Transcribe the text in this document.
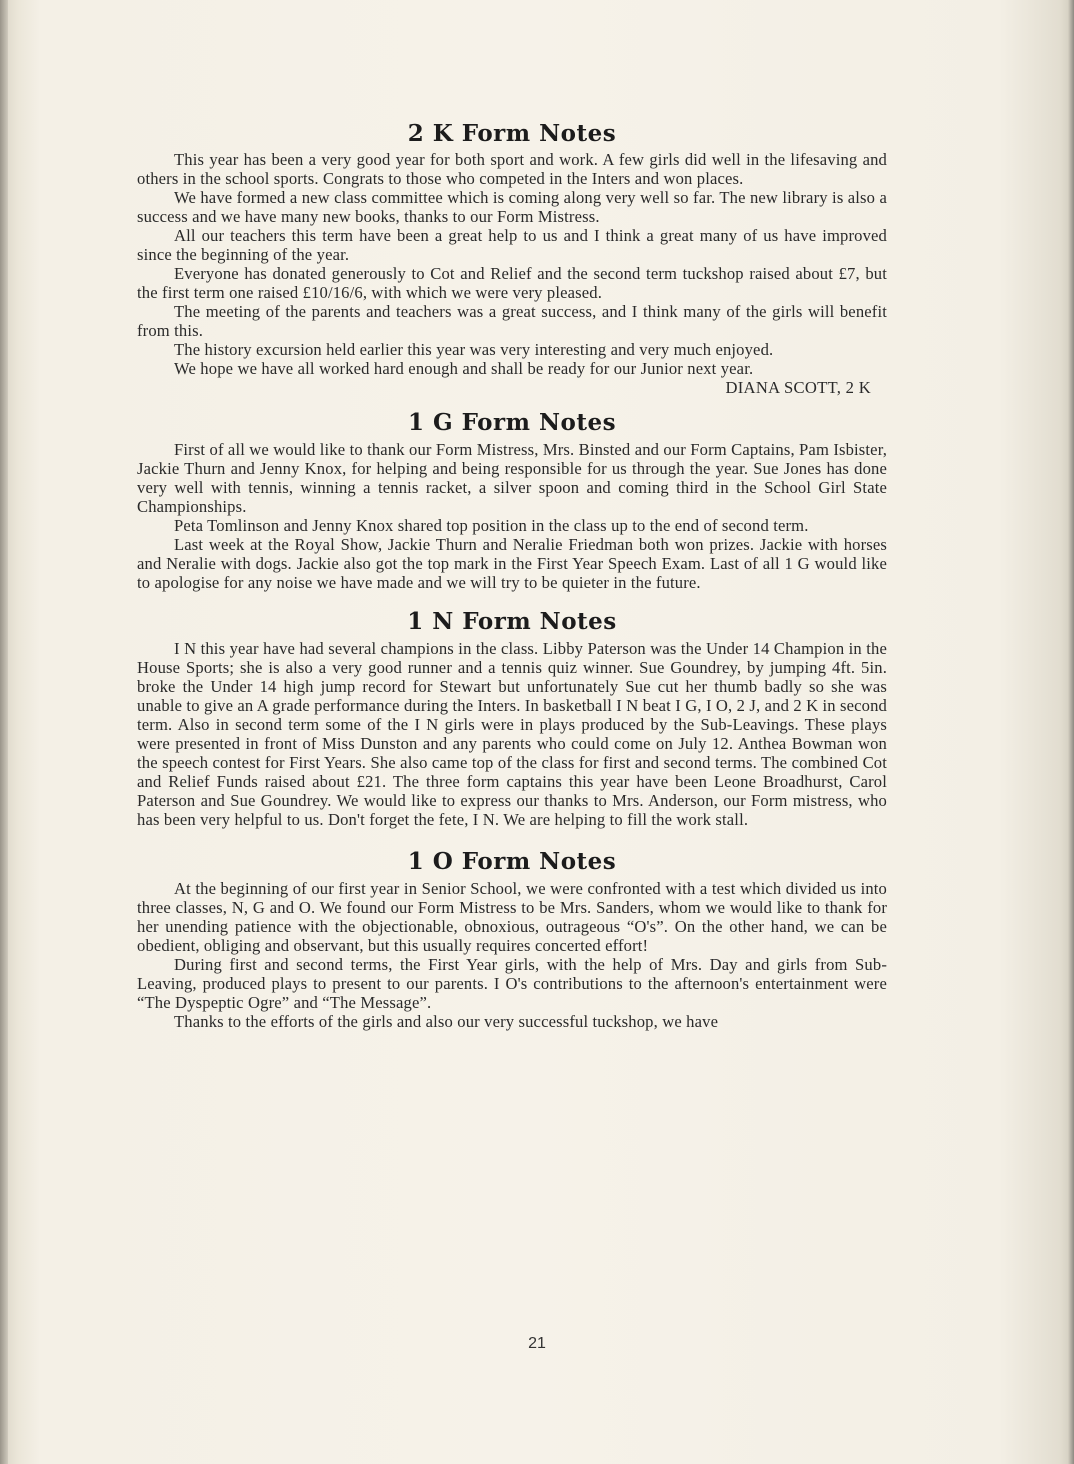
2 K Form Notes

This year has been a very good year for both sport and work. A few girls did well in the lifesaving and others in the school sports. Congrats to those who competed in the Inters and won places.

We have formed a new class committee which is coming along very well so far. The new library is also a success and we have many new books, thanks to our Form Mistress.

All our teachers this term have been a great help to us and I think a great many of us have improved since the beginning of the year.

Everyone has donated generously to Cot and Relief and the second term tuckshop raised about £7, but the first term one raised £10/16/6, with which we were very pleased.

The meeting of the parents and teachers was a great success, and I think many of the girls will benefit from this.

The history excursion held earlier this year was very interesting and very much enjoyed.

We hope we have all worked hard enough and shall be ready for our Junior next year.

DIANA SCOTT, 2 K
1 G Form Notes

First of all we would like to thank our Form Mistress, Mrs. Binsted and our Form Captains, Pam Isbister, Jackie Thurn and Jenny Knox, for helping and being responsible for us through the year. Sue Jones has done very well with tennis, winning a tennis racket, a silver spoon and coming third in the School Girl State Championships.

Peta Tomlinson and Jenny Knox shared top position in the class up to the end of second term.

Last week at the Royal Show, Jackie Thurn and Neralie Friedman both won prizes. Jackie with horses and Neralie with dogs. Jackie also got the top mark in the First Year Speech Exam. Last of all 1 G would like to apologise for any noise we have made and we will try to be quieter in the future.

1 N Form Notes

I N this year have had several champions in the class. Libby Paterson was the Under 14 Champion in the House Sports; she is also a very good runner and a tennis quiz winner. Sue Goundrey, by jumping 4ft. 5in. broke the Under 14 high jump record for Stewart but unfortunately Sue cut her thumb badly so she was unable to give an A grade performance during the Inters. In basketball I N beat I G, I O, 2 J, and 2 K in second term. Also in second term some of the I N girls were in plays produced by the Sub-Leavings. These plays were presented in front of Miss Dunston and any parents who could come on July 12. Anthea Bowman won the speech contest for First Years. She also came top of the class for first and second terms. The combined Cot and Relief Funds raised about £21. The three form captains this year have been Leone Broadhurst, Carol Paterson and Sue Goundrey. We would like to express our thanks to Mrs. Anderson, our Form mistress, who has been very helpful to us. Don't forget the fete, I N. We are helping to fill the work stall.

1 O Form Notes

At the beginning of our first year in Senior School, we were confronted with a test which divided us into three classes, N, G and O. We found our Form Mistress to be Mrs. Sanders, whom we would like to thank for her unending patience with the objectionable, obnoxious, outrageous “O's”. On the other hand, we can be obedient, obliging and observant, but this usually requires concerted effort!

During first and second terms, the First Year girls, with the help of Mrs. Day and girls from Sub-Leaving, produced plays to present to our parents. I O's contributions to the afternoon's entertainment were “The Dyspeptic Ogre” and “The Message”.

Thanks to the efforts of the girls and also our very successful tuckshop, we have

21
